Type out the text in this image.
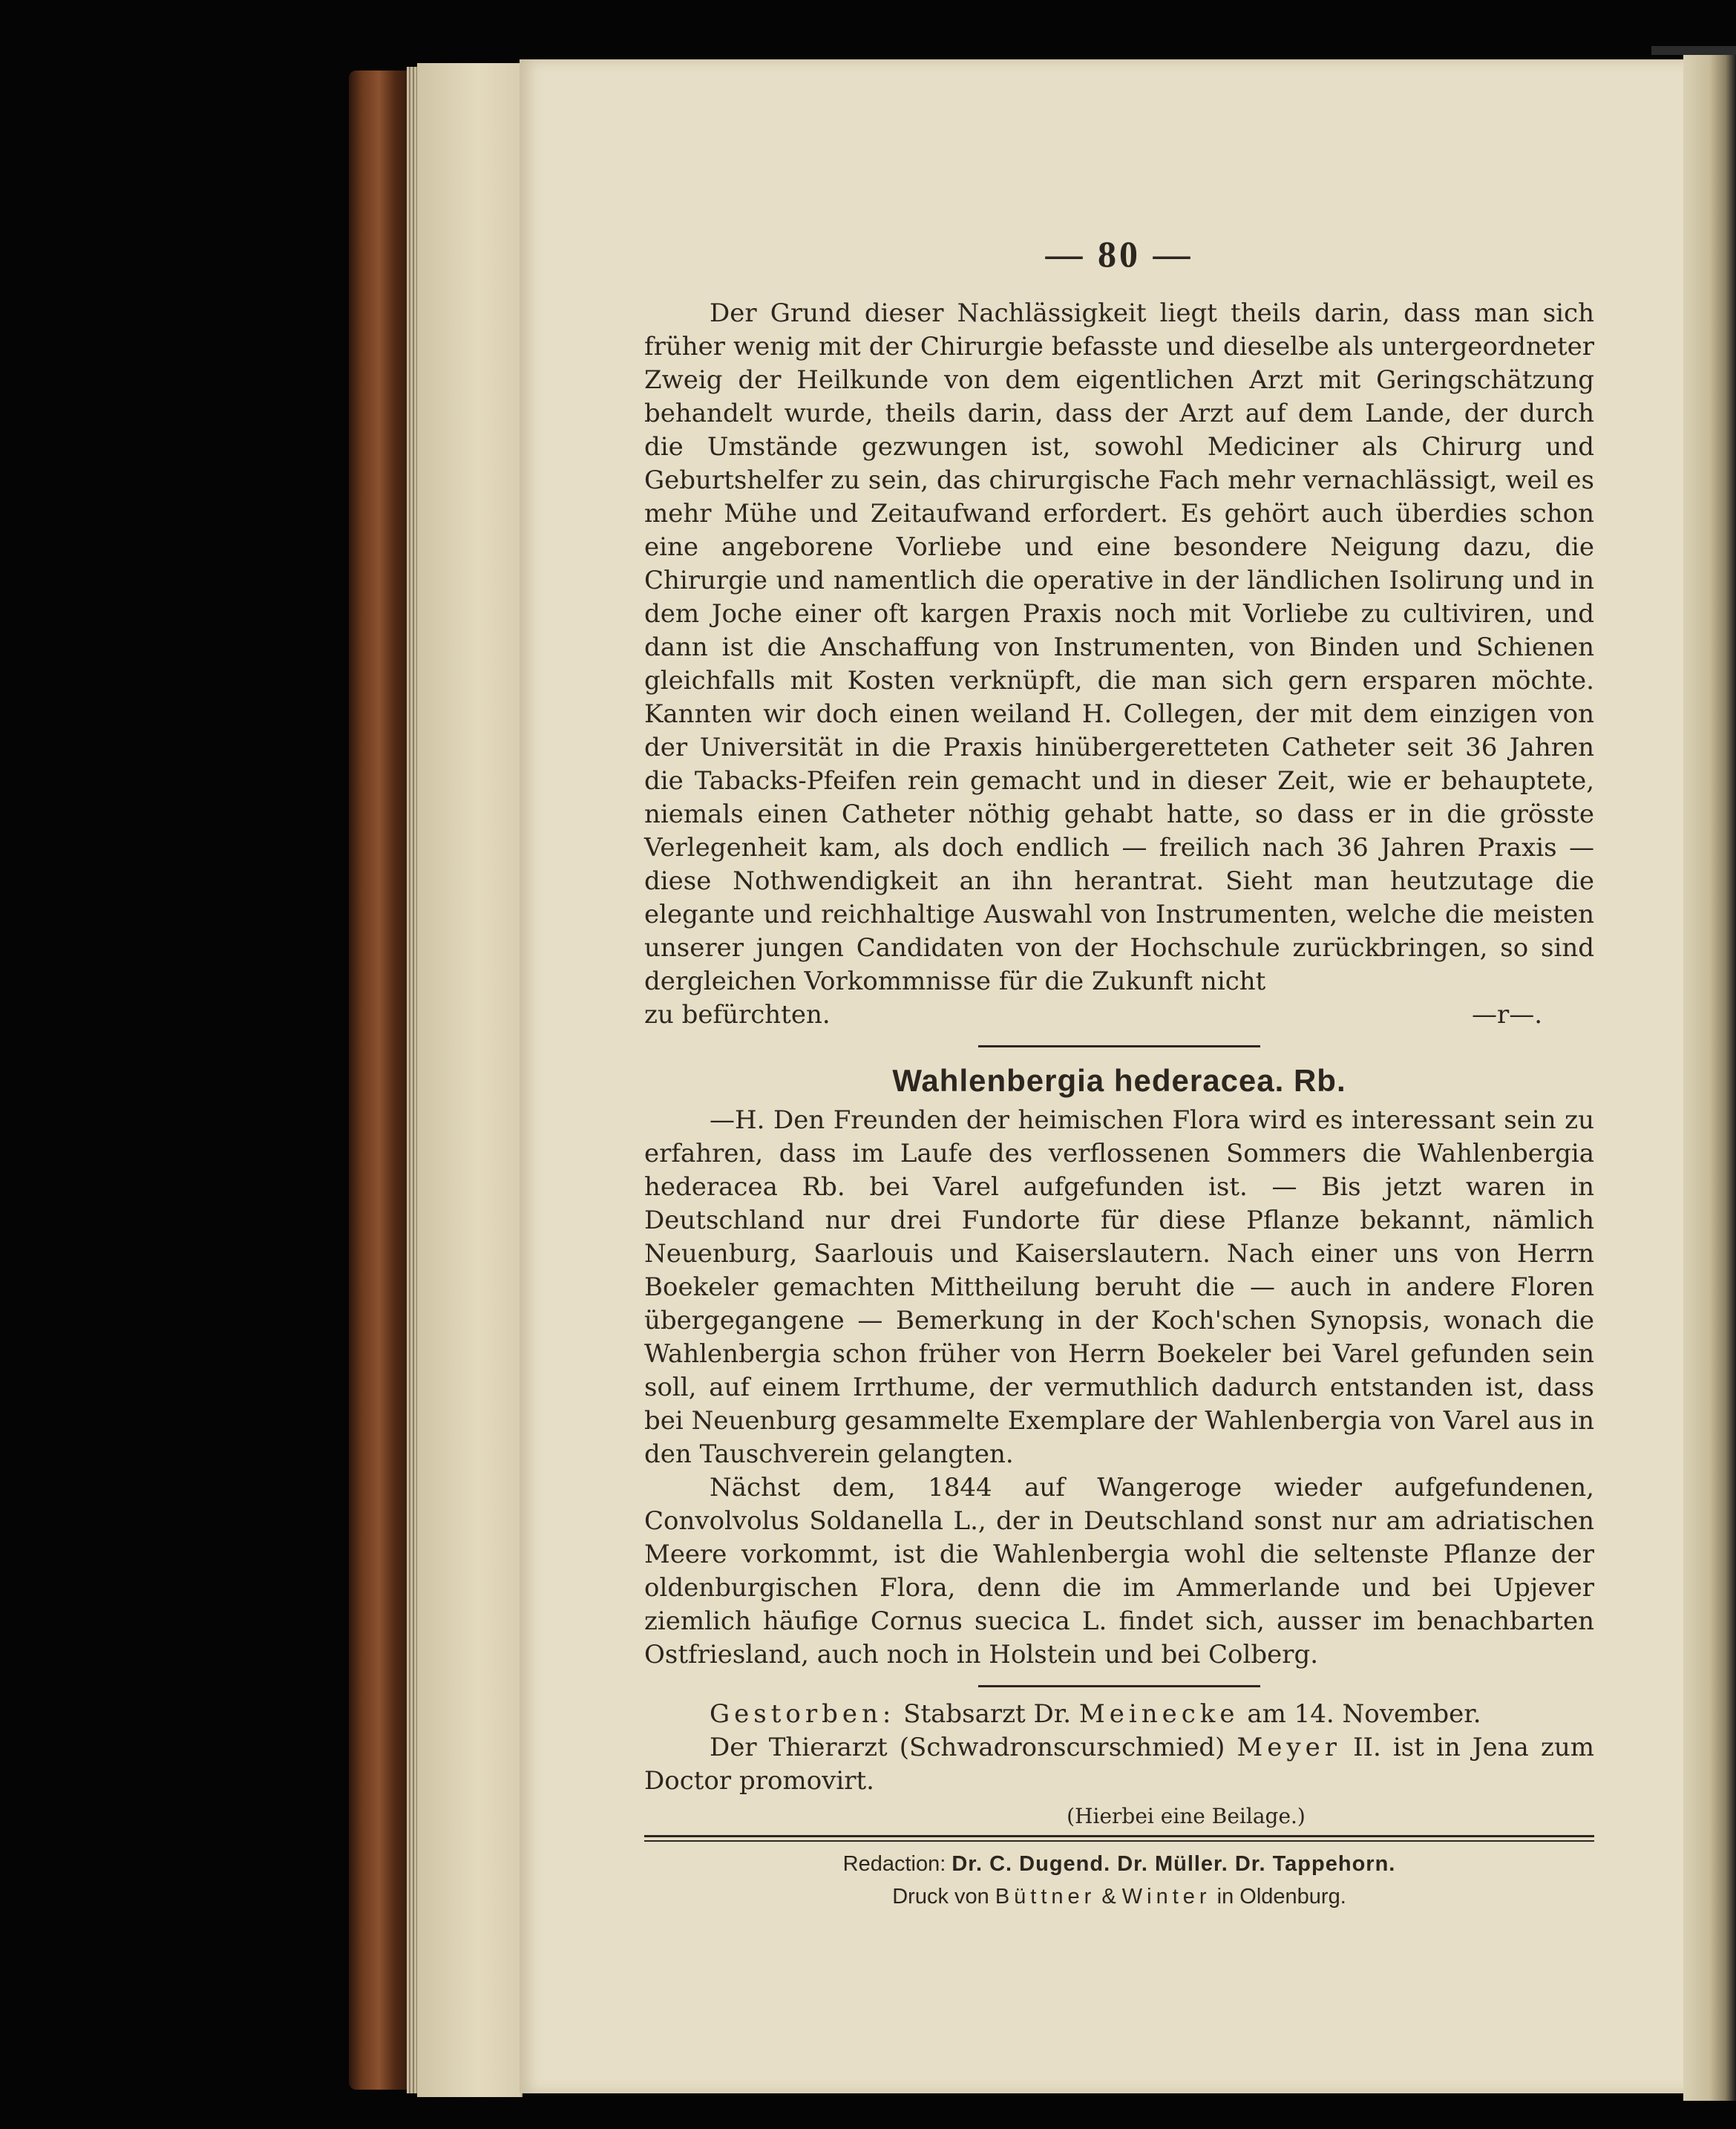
— 80 —

Der Grund dieser Nachlässigkeit liegt theils darin, dass man sich früher wenig mit der Chirurgie befasste und dieselbe als untergeordneter Zweig der Heilkunde von dem eigentlichen Arzt mit Geringschätzung behandelt wurde, theils darin, dass der Arzt auf dem Lande, der durch die Umstände gezwungen ist, sowohl Mediciner als Chirurg und Geburtshelfer zu sein, das chirurgische Fach mehr vernachlässigt, weil es mehr Mühe und Zeitaufwand erfordert. Es gehört auch überdies schon eine angeborene Vorliebe und eine besondere Neigung dazu, die Chirurgie und namentlich die operative in der ländlichen Isolirung und in dem Joche einer oft kargen Praxis noch mit Vorliebe zu cultiviren, und dann ist die Anschaffung von Instrumenten, von Binden und Schienen gleichfalls mit Kosten verknüpft, die man sich gern ersparen möchte. Kannten wir doch einen weiland H. Collegen, der mit dem einzigen von der Universität in die Praxis hinübergeretteten Catheter seit 36 Jahren die Tabacks-Pfeifen rein gemacht und in dieser Zeit, wie er behauptete, niemals einen Catheter nöthig gehabt hatte, so dass er in die grösste Verlegenheit kam, als doch endlich — freilich nach 36 Jahren Praxis — diese Nothwendigkeit an ihn herantrat. Sieht man heutzutage die elegante und reichhaltige Auswahl von Instrumenten, welche die meisten unserer jungen Candidaten von der Hochschule zurückbringen, so sind dergleichen Vorkommnisse für die Zukunft nicht

zu befürchten.	—r—.
Wahlenbergia hederacea. Rb.

—H. Den Freunden der heimischen Flora wird es interessant sein zu erfahren, dass im Laufe des verflossenen Sommers die Wahlenbergia hederacea Rb. bei Varel aufgefunden ist. — Bis jetzt waren in Deutschland nur drei Fundorte für diese Pflanze bekannt, nämlich Neuenburg, Saarlouis und Kaiserslautern. Nach einer uns von Herrn Boekeler gemachten Mittheilung beruht die — auch in andere Floren übergegangene — Bemerkung in der Koch'schen Synopsis, wonach die Wahlenbergia schon früher von Herrn Boekeler bei Varel gefunden sein soll, auf einem Irrthume, der vermuthlich dadurch entstanden ist, dass bei Neuenburg gesammelte Exemplare der Wahlenbergia von Varel aus in den Tauschverein gelangten.

Nächst dem, 1844 auf Wangeroge wieder aufgefundenen, Convolvolus Soldanella L., der in Deutschland sonst nur am adriatischen Meere vorkommt, ist die Wahlenbergia wohl die seltenste Pflanze der oldenburgischen Flora, denn die im Ammerlande und bei Upjever ziemlich häufige Cornus suecica L. findet sich, ausser im benachbarten Ostfriesland, auch noch in Holstein und bei Colberg.

Gestorben: Stabsarzt Dr. Meinecke am 14. November.

Der Thierarzt (Schwadronscurschmied) Meyer II. ist in Jena zum Doctor promovirt.

(Hierbei eine Beilage.)
Redaction: Dr. C. Dugend. Dr. Müller. Dr. Tappehorn.
Druck von Büttner & Winter in Oldenburg.
